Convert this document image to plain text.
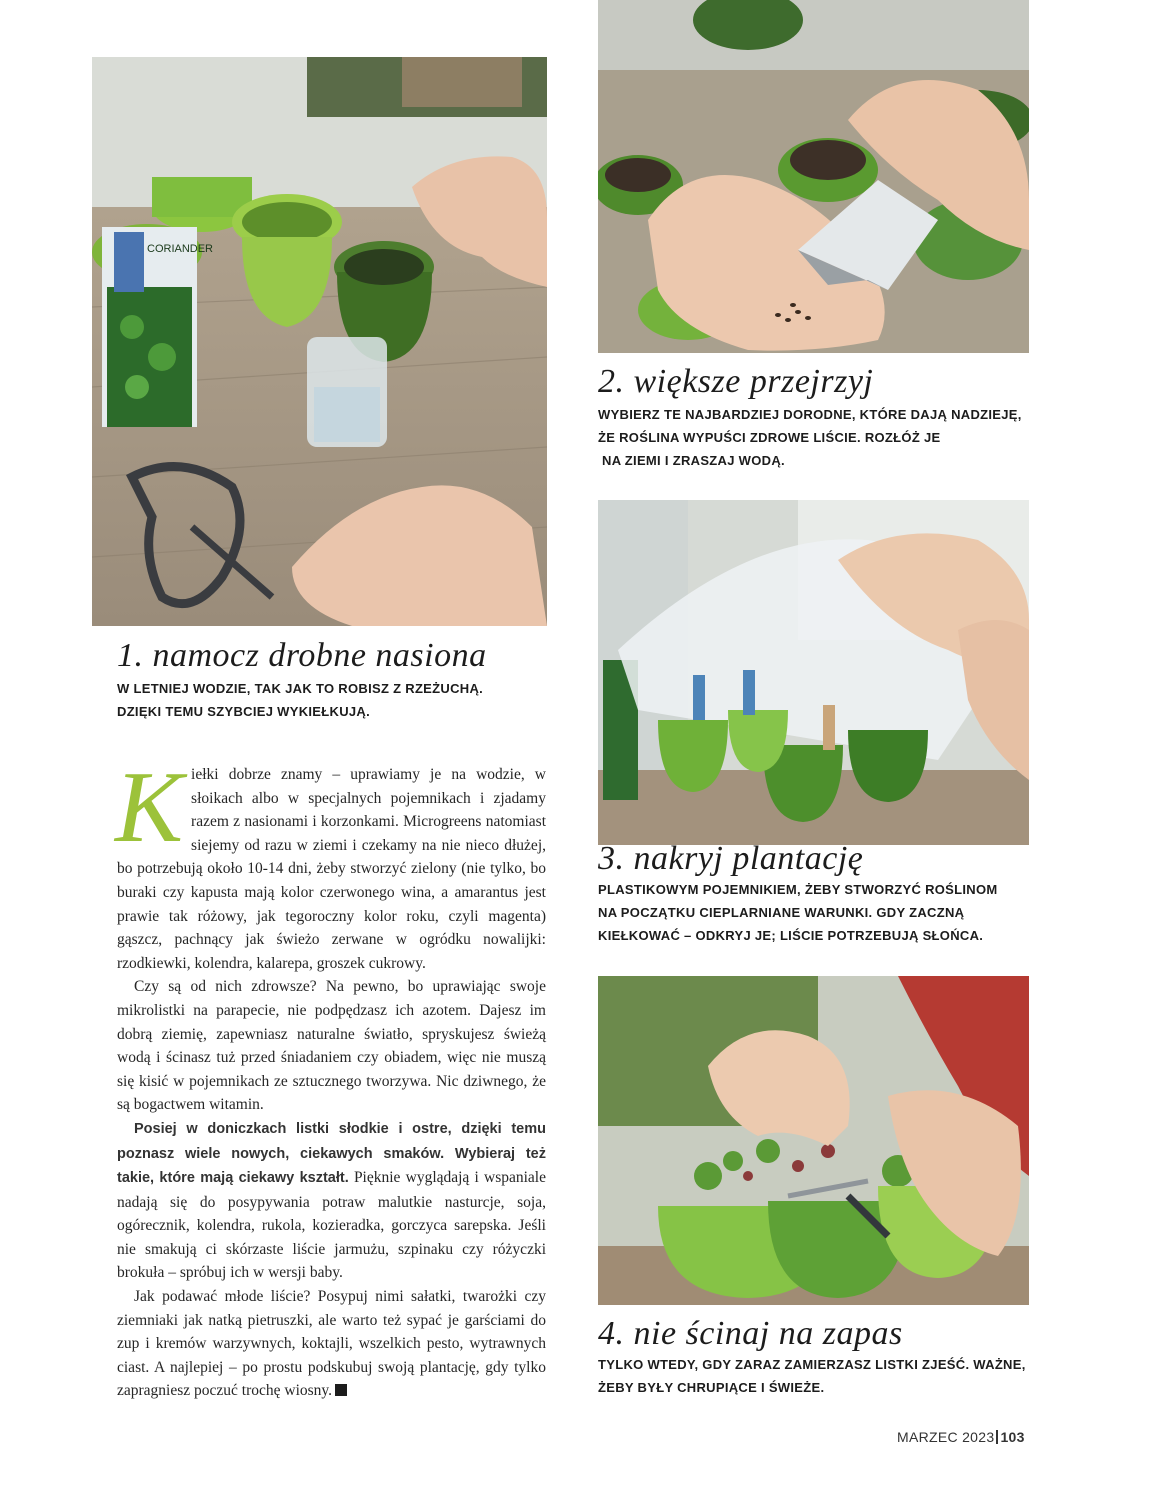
CORIANDER
1. namocz drobne nasiona

W LETNIEJ WODZIE, TAK JAK TO ROBISZ Z RZEŻUCHĄ.
DZIĘKI TEMU SZYBCIEJ WYKIEŁKUJĄ.

2. większe przejrzyj

WYBIERZ TE NAJBARDZIEJ DORODNE, KTÓRE DAJĄ NADZIEJĘ,
ŻE ROŚLINA WYPUŚCI ZDROWE LIŚCIE. ROZŁÓŻ JE
NA ZIEMI I ZRASZAJ WODĄ.

3. nakryj plantację

PLASTIKOWYM POJEMNIKIEM, ŻEBY STWORZYĆ ROŚLINOM
NA POCZĄTKU CIEPLARNIANE WARUNKI. GDY ZACZNĄ
KIEŁKOWAĆ – ODKRYJ JE; LIŚCIE POTRZEBUJĄ SŁOŃCA.

4. nie ścinaj na zapas

TYLKO WTEDY, GDY ZARAZ ZAMIERZASZ LISTKI ZJEŚĆ. WAŻNE,
ŻEBY BYŁY CHRUPIĄCE I ŚWIEŻE.

Kiełki dobrze znamy – uprawiamy je na wodzie, w słoikach albo w specjalnych pojemnikach i zjadamy razem z nasionami i korzonkami. Microgreens natomiast siejemy od razu w ziemi i czekamy na nie nieco dłużej, bo potrzebują około 10-14 dni, żeby stworzyć zielony (nie tylko, bo buraki czy kapusta mają kolor czerwonego wina, a amarantus jest prawie tak różowy, jak tegoroczny kolor roku, czyli magenta) gąszcz, pachnący jak świeżo zerwane w ogródku nowalijki: rzodkiewki, kolendra, kalarepa, groszek cukrowy.

Czy są od nich zdrowsze? Na pewno, bo uprawiając swoje mikrolistki na parapecie, nie podpędzasz ich azotem. Dajesz im dobrą ziemię, zapewniasz naturalne światło, spryskujesz świeżą wodą i ścinasz tuż przed śniadaniem czy obiadem, więc nie muszą się kisić w pojemnikach ze sztucznego tworzywa. Nic dziwnego, że są bogactwem witamin.

Posiej w doniczkach listki słodkie i ostre, dzięki temu poznasz wiele nowych, ciekawych smaków. Wybieraj też takie, które mają ciekawy kształt. Pięknie wyglądają i wspaniale nadają się do posypywania potraw malutkie nasturcje, soja, ogórecznik, kolendra, rukola, kozieradka, gorczyca sarepska. Jeśli nie smakują ci skórzaste liście jarmużu, szpinaku czy różyczki brokuła – spróbuj ich w wersji baby.

Jak podawać młode liście? Posypuj nimi sałatki, twarożki czy ziemniaki jak natką pietruszki, ale warto też sypać je garściami do zup i kremów warzywnych, koktajli, wszelkich pesto, wytrawnych ciast. A najlepiej – po prostu podskubuj swoją plantację, gdy tylko zapragniesz poczuć trochę wiosny.

MARZEC 2023 103
